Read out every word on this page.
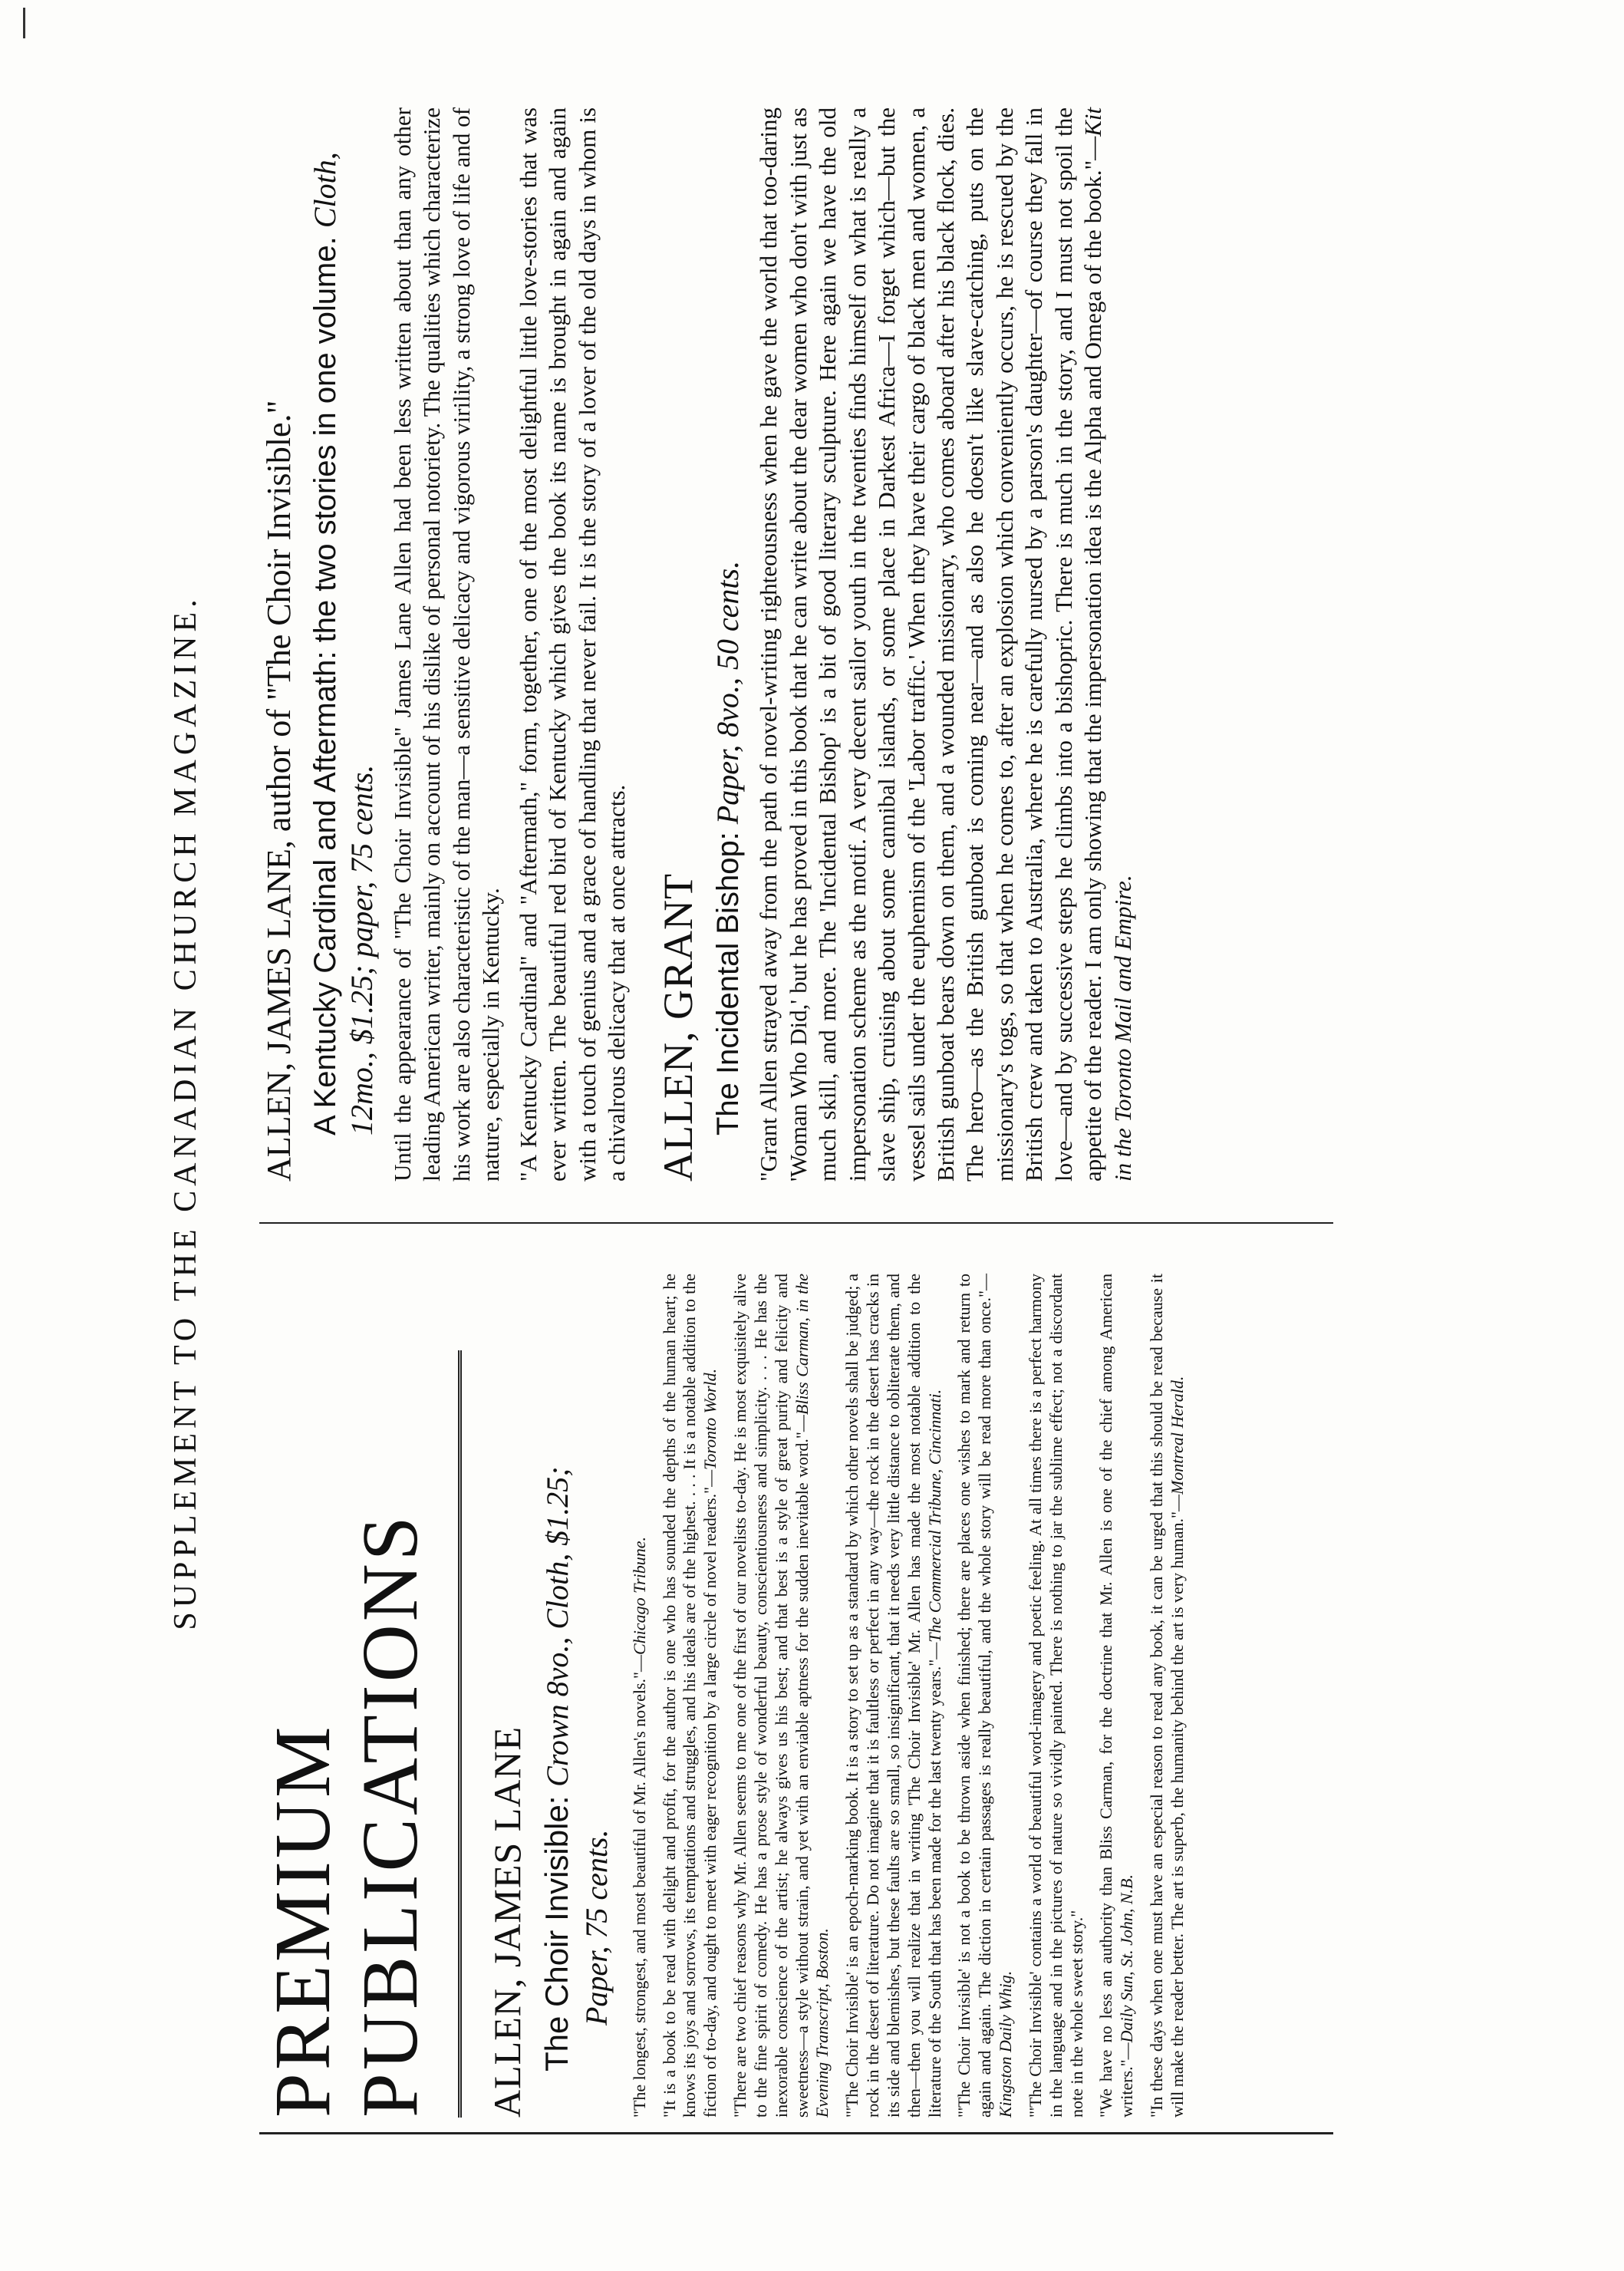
SUPPLEMENT TO THE CANADIAN CHURCH MAGAZINE.
PREMIUM PUBLICATIONS ALLEN, JAMES LANE The Choir Invisible: Crown 8vo., Cloth, $1.25;
Paper, 75 cents. "The longest, strongest, and most beautiful of Mr. Allen's novels."—Chicago Tribune. "It is a book to be read with delight and profit, for the author is one who has sounded the depths of the human heart; he knows its joys and sorrows, its temptations and struggles, and his ideals are of the highest. . . . It is a notable addition to the fiction of to-day, and ought to meet with eager recognition by a large circle of novel readers."—Toronto World. "There are two chief reasons why Mr. Allen seems to me one of the first of our novelists to-day. He is most exquisitely alive to the fine spirit of comedy. He has a prose style of wonderful beauty, conscientiousness and simplicity. . . . He has the inexorable conscience of the artist; he always gives us his best; and that best is a style of great purity and felicity and sweetness—a style without strain, and yet with an enviable aptness for the sudden inevitable word."—Bliss Carman, in the Evening Transcript, Boston. "'The Choir Invisible' is an epoch-marking book. It is a story to set up as a standard by which other novels shall be judged; a rock in the desert of literature. Do not imagine that it is faultless or perfect in any way—the rock in the desert has cracks in its side and blemishes, but these faults are so small, so insignificant, that it needs very little distance to obliterate them, and then—then you will realize that in writing 'The Choir Invisible' Mr. Allen has made the most notable addition to the literature of the South that has been made for the last twenty years."—The Commercial Tribune, Cincinnati. "'The Choir Invisible' is not a book to be thrown aside when finished; there are places one wishes to mark and return to again and again. The diction in certain passages is really beautiful, and the whole story will be read more than once."—Kingston Daily Whig. "'The Choir Invisible' contains a world of beautiful word-imagery and poetic feeling. At all times there is a perfect harmony in the language and in the pictures of nature so vividly painted. There is nothing to jar the sublime effect; not a discordant note in the whole sweet story." "We have no less an authority than Bliss Carman, for the doctrine that Mr. Allen is one of the chief among American writers."—Daily Sun, St. John, N.B. "In these days when one must have an especial reason to read any book, it can be urged that this should be read because it will make the reader better. The art is superb, the humanity behind the art is very human."—Montreal Herald.
ALLEN, JAMES LANE, author of "The Choir Invisible." A Kentucky Cardinal and Aftermath: the two stories in one volume. Cloth, 12mo., $1.25; paper, 75 cents. Until the appearance of "The Choir Invisible" James Lane Allen had been less written about than any other leading American writer, mainly on account of his dislike of personal notoriety. The qualities which characterize his work are also characteristic of the man—a sensitive delicacy and vigorous virility, a strong love of life and of nature, especially in Kentucky. "A Kentucky Cardinal" and "Aftermath," form, together, one of the most delightful little love-stories that was ever written. The beautiful red bird of Kentucky which gives the book its name is brought in again and again with a touch of genius and a grace of handling that never fail. It is the story of a lover of the old days in whom is a chivalrous delicacy that at once attracts. ALLEN, GRANT The Incidental Bishop: Paper, 8vo., 50 cents. "Grant Allen strayed away from the path of novel-writing righteousness when he gave the world that too-daring 'Woman Who Did,' but he has proved in this book that he can write about the dear women who don't with just as much skill, and more. The 'Incidental Bishop' is a bit of good literary sculpture. Here again we have the old impersonation scheme as the motif. A very decent sailor youth in the twenties finds himself on what is really a slave ship, cruising about some cannibal islands, or some place in Darkest Africa—I forget which—but the vessel sails under the euphemism of the 'Labor traffic.' When they have their cargo of black men and women, a British gunboat bears down on them, and a wounded missionary, who comes aboard after his black flock, dies. The hero—as the British gunboat is coming near—and as also he doesn't like slave-catching, puts on the missionary's togs, so that when he comes to, after an explosion which conveniently occurs, he is rescued by the British crew and taken to Australia, where he is carefully nursed by a parson's daughter—of course they fall in love—and by successive steps he climbs into a bishopric. There is much in the story, and I must not spoil the appetite of the reader. I am only showing that the impersonation idea is the Alpha and Omega of the book."—Kit in the Toronto Mail and Empire.
